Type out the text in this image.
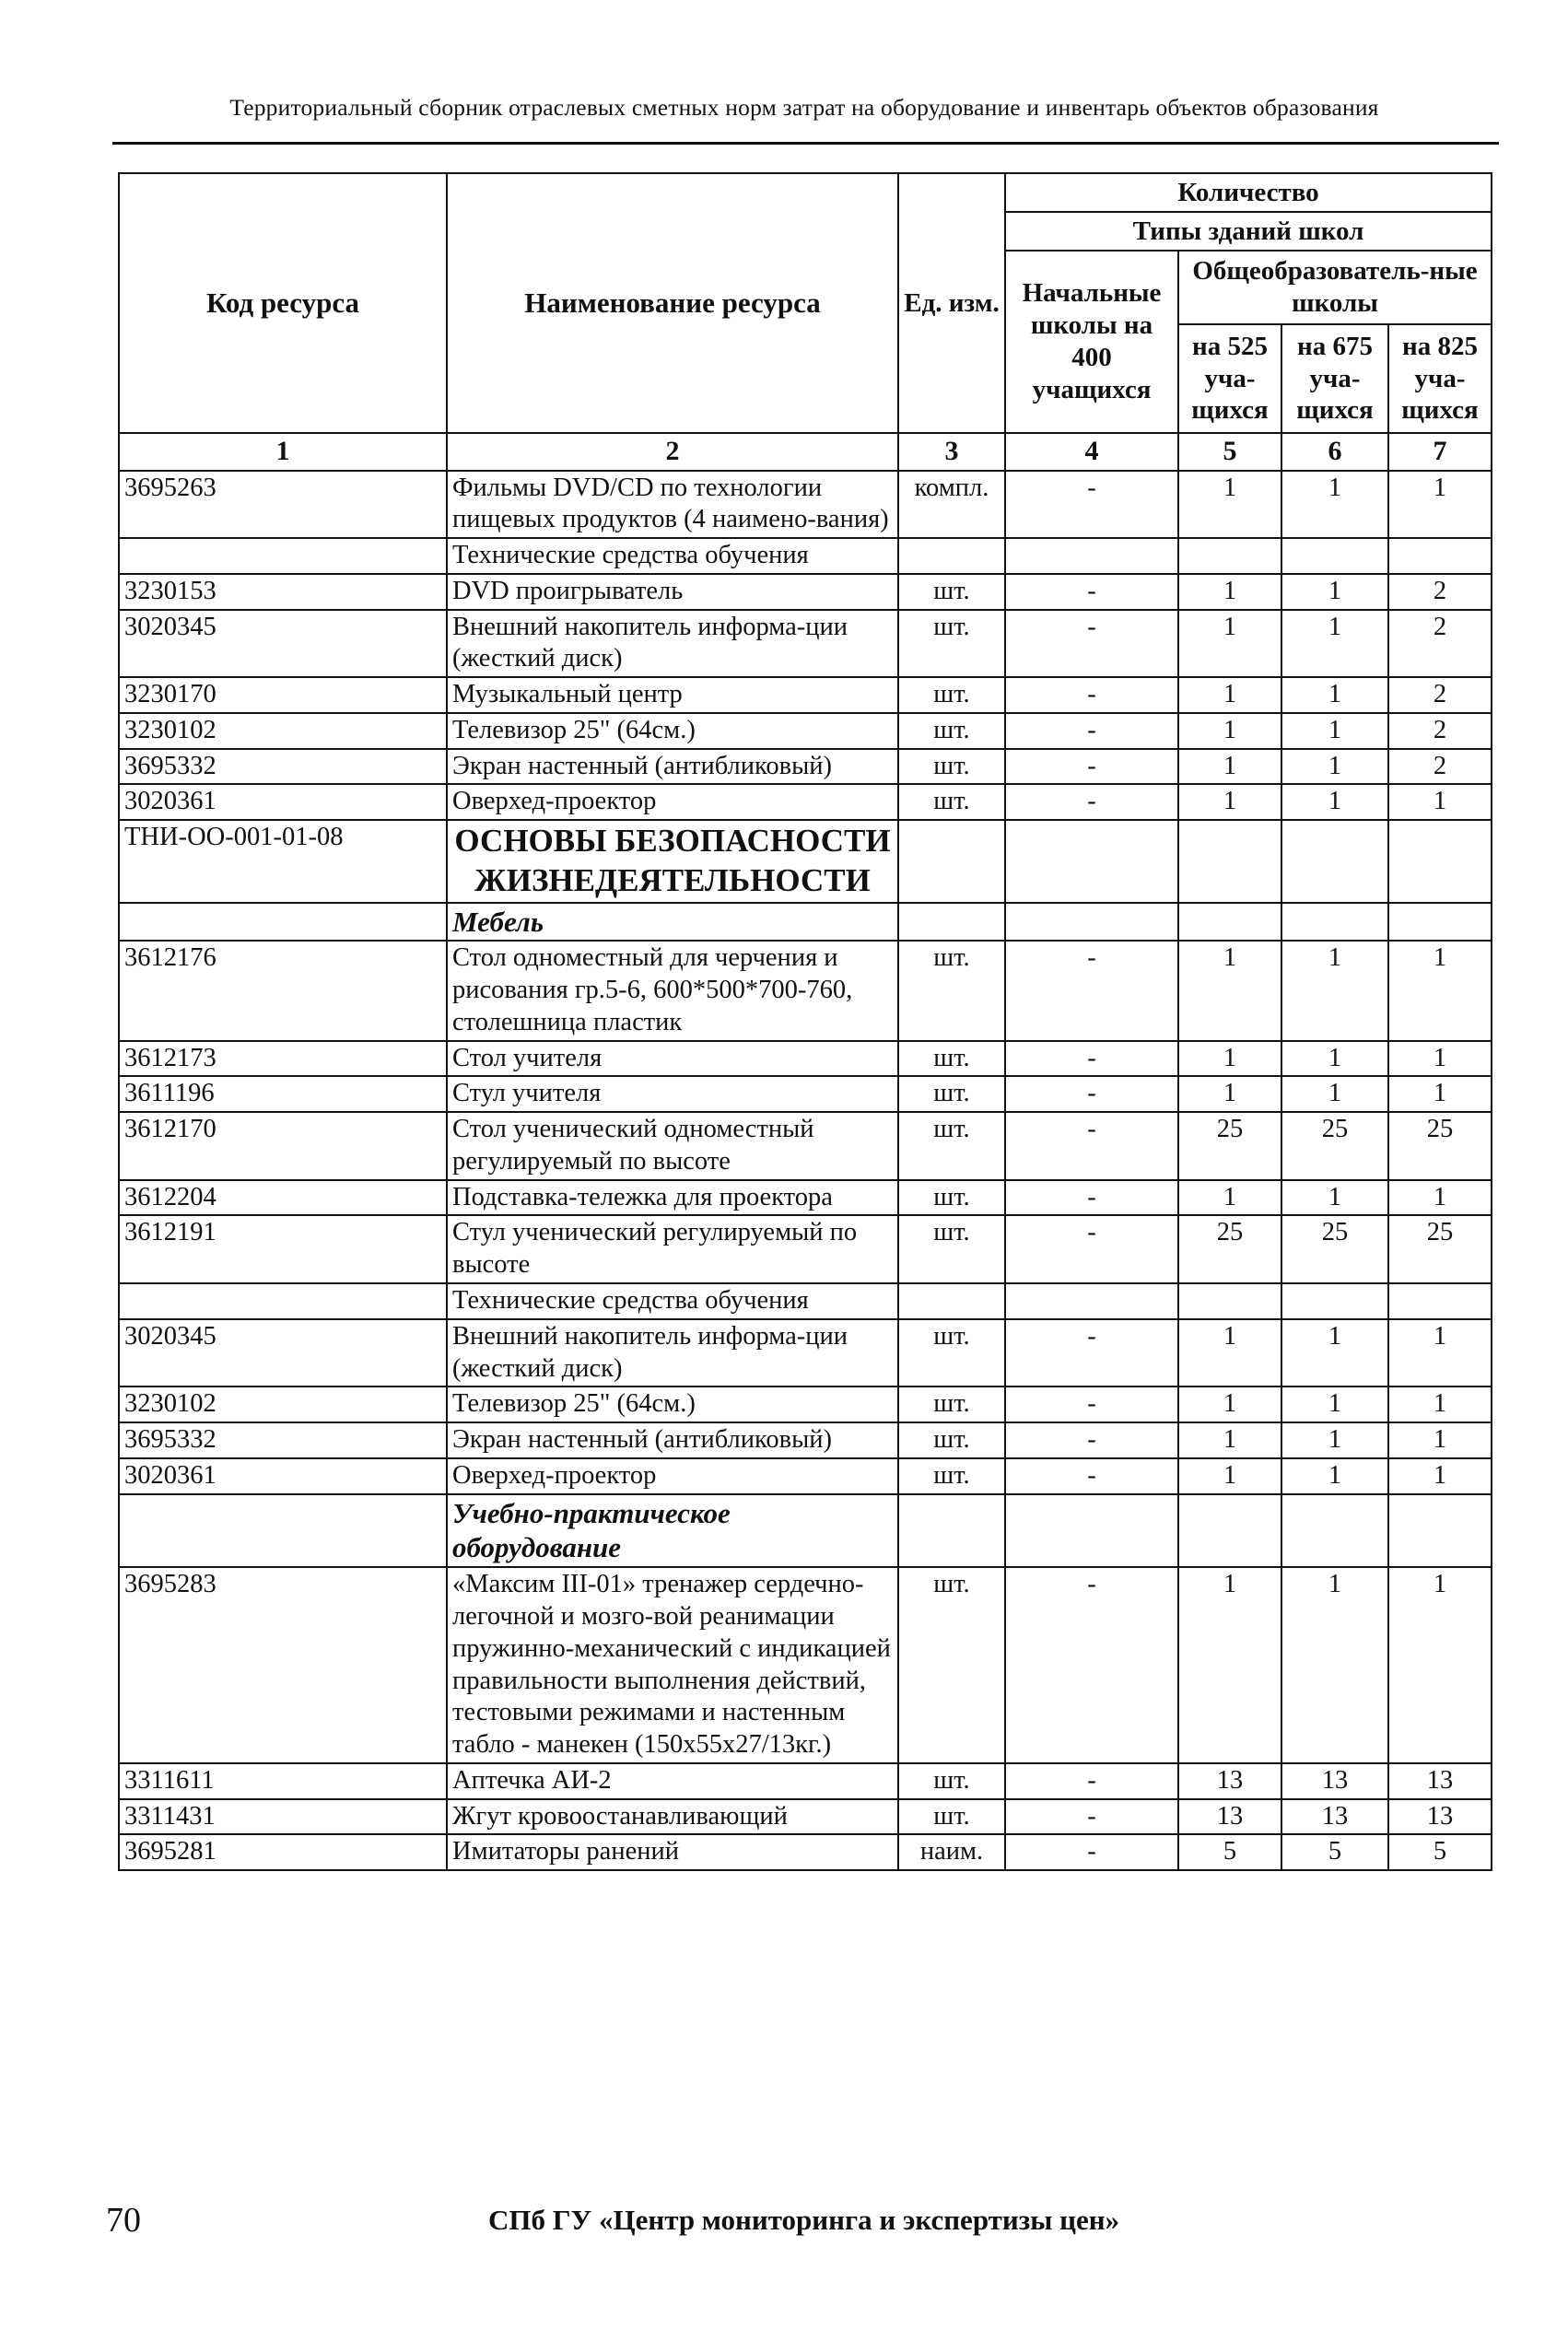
Территориальный сборник отраслевых сметных норм затрат на оборудование и инвентарь объектов образования
Код ресурса	Наименование ресурса	Ед. изм.	Количество			
			Типы зданий школ			
			Начальные школы на 400 учащихся	Общеобразователь-ные школы		
				на 525 уча-щихся	на 675 уча-щихся	на 825 уча-щихся
1	2	3	4	5	6	7
3695263	Фильмы DVD/CD по технологии пищевых продуктов (4 наимено-вания)	компл.	-	1	1	1
	Технические средства обучения					
3230153	DVD проигрыватель	шт.	-	1	1	2
3020345	Внешний накопитель информа-ции (жесткий диск)	шт.	-	1	1	2
3230170	Музыкальный центр	шт.	-	1	1	2
3230102	Телевизор 25" (64см.)	шт.	-	1	1	2
3695332	Экран настенный (антибликовый)	шт.	-	1	1	2
3020361	Оверхед-проектор	шт.	-	1	1	1
ТНИ-ОО-001-01-08	ОСНОВЫ БЕЗОПАСНОСТИ ЖИЗНЕДЕЯТЕЛЬНОСТИ					
	Мебель					
3612176	Стол одноместный для черчения и рисования гр.5-6, 600*500*700-760, столешница пластик	шт.	-	1	1	1
3612173	Стол учителя	шт.	-	1	1	1
3611196	Стул учителя	шт.	-	1	1	1
3612170	Стол ученический одноместный регулируемый по высоте	шт.	-	25	25	25
3612204	Подставка-тележка для проектора	шт.	-	1	1	1
3612191	Стул ученический регулируемый по высоте	шт.	-	25	25	25
	Технические средства обучения					
3020345	Внешний накопитель информа-ции (жесткий диск)	шт.	-	1	1	1
3230102	Телевизор 25" (64см.)	шт.	-	1	1	1
3695332	Экран настенный (антибликовый)	шт.	-	1	1	1
3020361	Оверхед-проектор	шт.	-	1	1	1
	Учебно-практическое оборудование					
3695283	«Максим III-01» тренажер сердечно-легочной и мозго-вой реанимации пружинно-механический с индикацией правильности выполнения действий, тестовыми режимами и настенным табло - манекен (150х55х27/13кг.)	шт.	-	1	1	1
3311611	Аптечка АИ-2	шт.	-	13	13	13
3311431	Жгут кровоостанавливающий	шт.	-	13	13	13
3695281	Имитаторы ранений	наим.	-	5	5	5
70	СПб ГУ «Центр мониторинга и экспертизы цен»
